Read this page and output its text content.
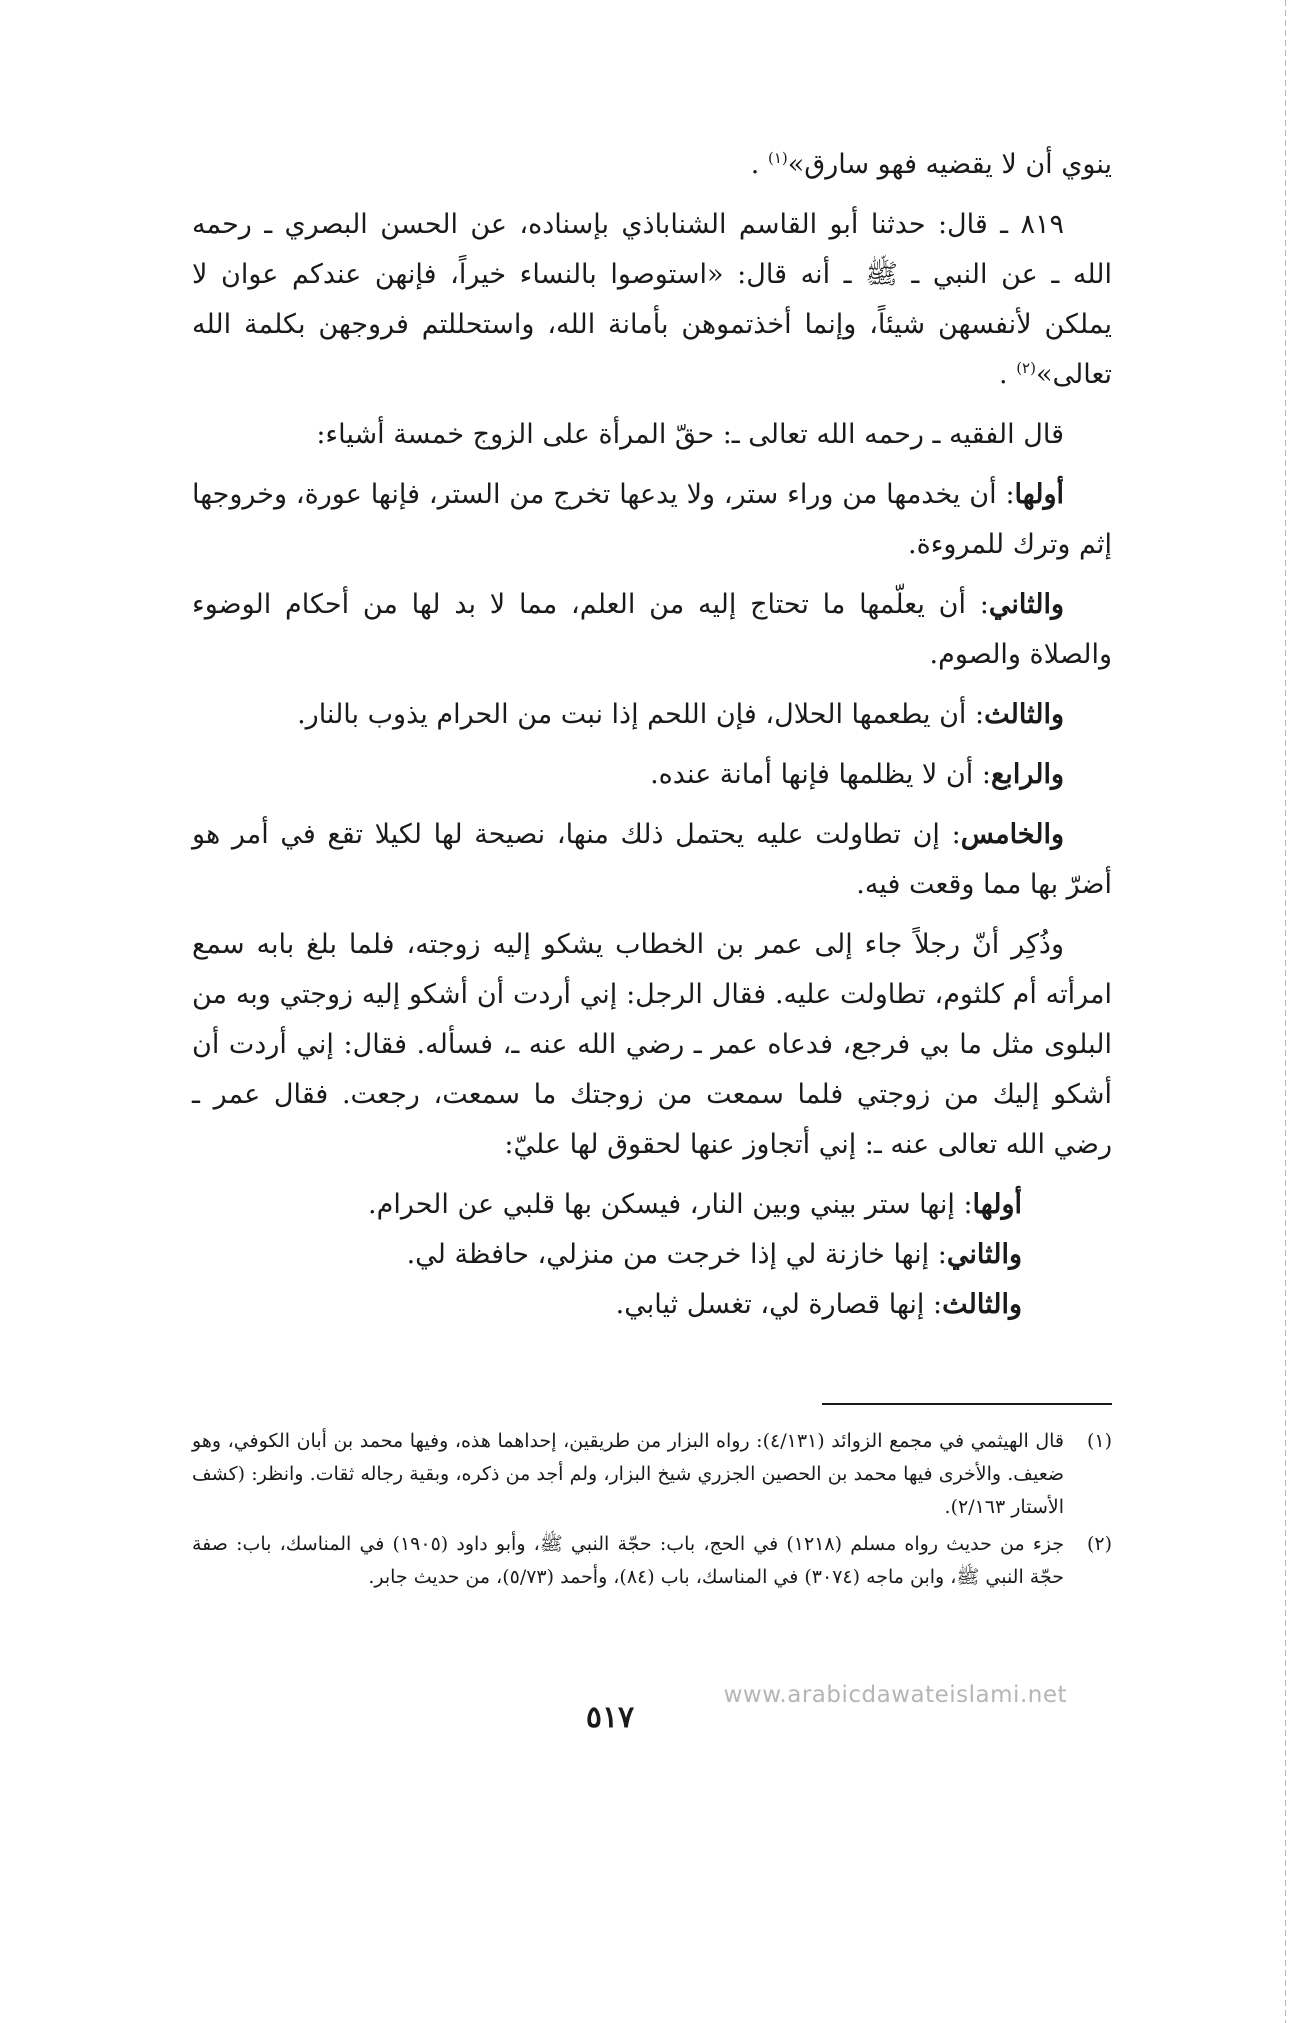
ينوي أن لا يقضيه فهو سارق»$^{(١)}$ .

٨١٩ ـ قال: حدثنا أبو القاسم الشناباذي بإسناده، عن الحسن البصري ـ رحمه الله ـ عن النبي ـ ﷺ ـ أنه قال: «استوصوا بالنساء خيراً، فإنهن عندكم عوان لا يملكن لأنفسهن شيئاً، وإنما أخذتموهن بأمانة الله، واستحللتم فروجهن بكلمة الله تعالى»$^{(٢)}$ .

قال الفقيه ـ رحمه الله تعالى ـ: حقّ المرأة على الزوج خمسة أشياء:

أولها: أن يخدمها من وراء ستر، ولا يدعها تخرج من الستر، فإنها عورة، وخروجها إثم وترك للمروءة.

والثاني: أن يعلّمها ما تحتاج إليه من العلم، مما لا بد لها من أحكام الوضوء والصلاة والصوم.

والثالث: أن يطعمها الحلال، فإن اللحم إذا نبت من الحرام يذوب بالنار.

والرابع: أن لا يظلمها فإنها أمانة عنده.

والخامس: إن تطاولت عليه يحتمل ذلك منها، نصيحة لها لكيلا تقع في أمر هو أضرّ بها مما وقعت فيه.

وذُكِر أنّ رجلاً جاء إلى عمر بن الخطاب يشكو إليه زوجته، فلما بلغ بابه سمع امرأته أم كلثوم، تطاولت عليه. فقال الرجل: إني أردت أن أشكو إليه زوجتي وبه من البلوى مثل ما بي فرجع، فدعاه عمر ـ رضي الله عنه ـ، فسأله. فقال: إني أردت أن أشكو إليك من زوجتي فلما سمعت من زوجتك ما سمعت، رجعت. فقال عمر ـ رضي الله تعالى عنه ـ: إني أتجاوز عنها لحقوق لها عليّ:

أولها: إنها ستر بيني وبين النار، فيسكن بها قلبي عن الحرام.

والثاني: إنها خازنة لي إذا خرجت من منزلي، حافظة لي.

والثالث: إنها قصارة لي، تغسل ثيابي.

(١)
قال الهيثمي في مجمع الزوائد (٤/١٣١): رواه البزار من طريقين، إحداهما هذه، وفيها محمد بن أبان الكوفي، وهو ضعيف. والأخرى فيها محمد بن الحصين الجزري شيخ البزار، ولم أجد من ذكره، وبقية رجاله ثقات. وانظر: (كشف الأستار ٢/١٦٣).

(٢)
جزء من حديث رواه مسلم (١٢١٨) في الحج، باب: حجّة النبي ﷺ، وأبو داود (١٩٠٥) في المناسك، باب: صفة حجّة النبي ﷺ، وابن ماجه (٣٠٧٤) في المناسك، باب (٨٤)، وأحمد (٥/٧٣)، من حديث جابر.

www.arabicdawateislami.net
٥١٧
